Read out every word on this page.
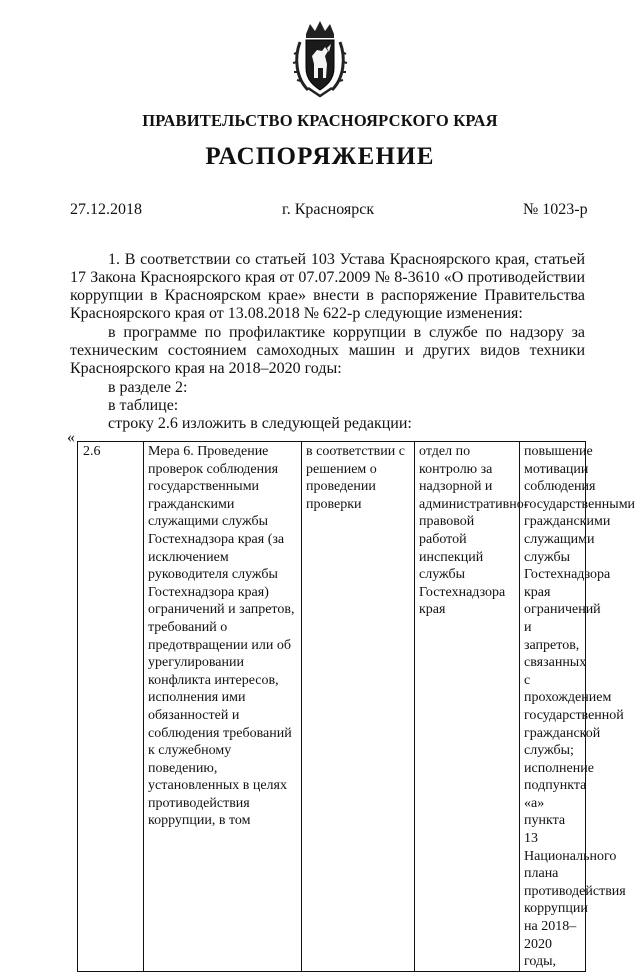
ПРАВИТЕЛЬСТВО КРАСНОЯРСКОГО КРАЯ
РАСПОРЯЖЕНИЕ
27.12.2018	г. Красноярск	№ 1023-р
1. В соответствии со статьей 103 Устава Красноярского края, статьей 17 Закона Красноярского края от 07.07.2009 № 8-3610 «О противодействии коррупции в Красноярском крае» внести в распоряжение Правительства Красноярского края от 13.08.2018 № 622-р следующие изменения:
в программе по профилактике коррупции в службе по надзору за техническим состоянием самоходных машин и других видов техники Красноярского края на 2018–2020 годы:
в разделе 2:
в таблице:
строку 2.6 изложить в следующей редакции:
«
2.6	Мера 6. Проведение проверок соблюдения государственными гражданскими служащими службы Гостехнадзора края (за исключением руководителя службы Гостехнадзора края) ограничений и запретов, требований о предотвращении или об урегулировании конфликта интересов, исполнения ими обязанностей и соблюдения требований к служебному поведению, установленных в целях противодействия коррупции, в том	в соответствии с решением о проведении проверки	отдел по контролю за надзорной и административно-правовой работой инспекций службы Гостехнадзора края	повышение мотивации соблюдения государственными гражданскими служащими службы Гостехнадзора края ограничений и запретов, связанных с прохождением государственной гражданской службы; исполнение подпункта «а» пункта 13 Национального плана противодействия коррупции на 2018–2020 годы,
